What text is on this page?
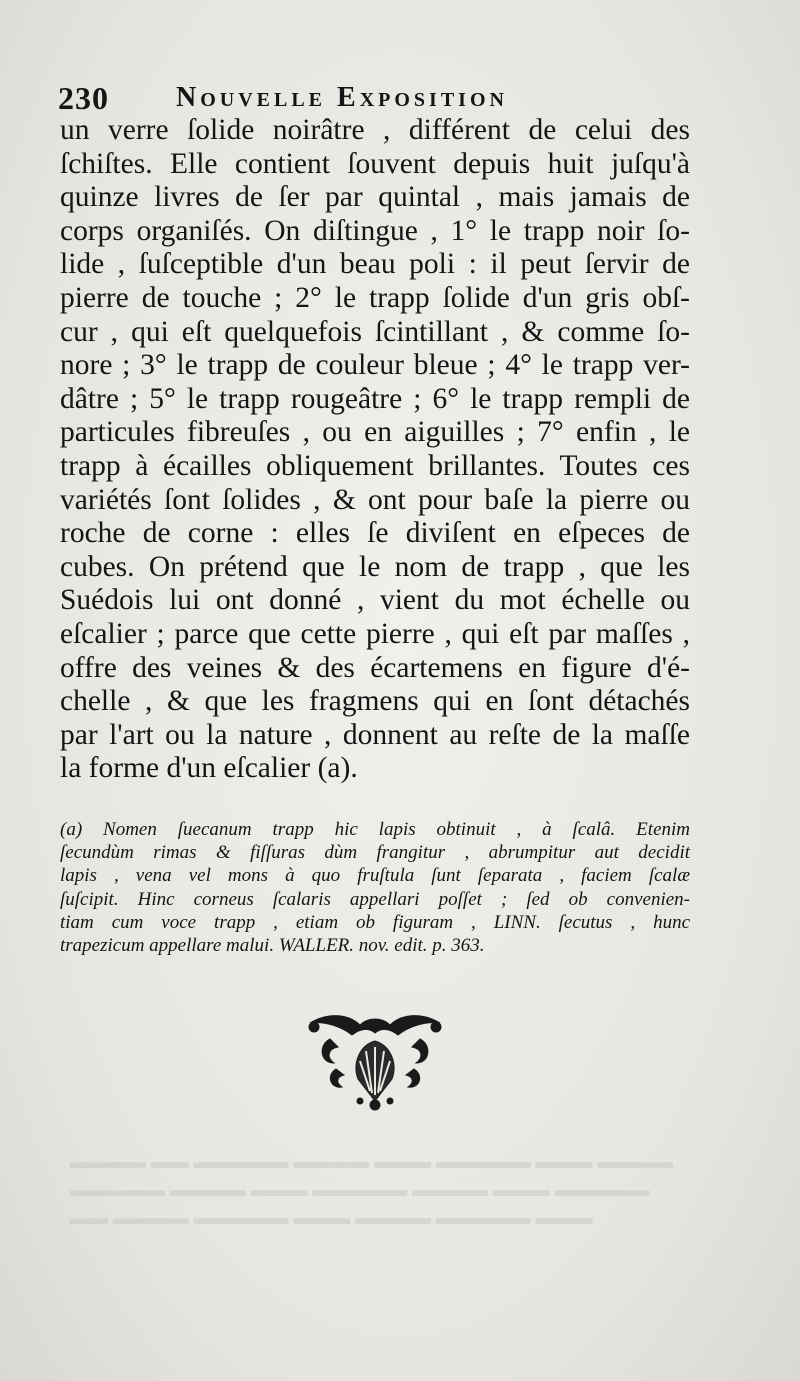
▬▬▬▬ ▬▬▬ ▬▬▬▬▬ ▬▬▬ ▬▬▬▬ ▬▬▬▬▬ ▬▬ ▬▬▬▬
▬▬▬▬▬ ▬▬▬ ▬▬▬▬ ▬▬▬▬▬ ▬▬▬ ▬▬▬▬ ▬▬▬▬▬
▬▬▬ ▬▬▬▬▬ ▬▬▬▬ ▬▬▬ ▬▬▬▬▬ ▬▬▬▬ ▬▬
230 Nouvelle Exposition
un verre ſolide noirâtre , différent de celui des
ſchiſtes. Elle contient ſouvent depuis huit juſqu'à
quinze livres de ſer par quintal , mais jamais de
corps organiſés. On diſtingue , 1° le trapp noir ſo-
lide , ſuſceptible d'un beau poli : il peut ſervir de
pierre de touche ; 2° le trapp ſolide d'un gris obſ-
cur , qui eſt quelquefois ſcintillant , & comme ſo-
nore ; 3° le trapp de couleur bleue ; 4° le trapp ver-
dâtre ; 5° le trapp rougeâtre ; 6° le trapp rempli de
particules fibreuſes , ou en aiguilles ; 7° enfin , le
trapp à écailles obliquement brillantes. Toutes ces
variétés ſont ſolides , & ont pour baſe la pierre ou
roche de corne : elles ſe diviſent en eſpeces de
cubes. On prétend que le nom de trapp , que les
Suédois lui ont donné , vient du mot échelle ou
eſcalier ; parce que cette pierre , qui eſt par maſſes ,
offre des veines & des écartemens en figure d'é-
chelle , & que les fragmens qui en ſont détachés
par l'art ou la nature , donnent au reſte de la maſſe
la forme d'un eſcalier (a).
(a) Nomen ſuecanum trapp hic lapis obtinuit , à ſcalâ. Etenim
ſecundùm rimas & fiſſuras dùm frangitur , abrumpitur aut decidit
lapis , vena vel mons à quo fruſtula ſunt ſeparata , faciem ſcalæ
ſuſcipit. Hinc corneus ſcalaris appellari poſſet ; ſed ob convenien-
tiam cum voce trapp , etiam ob figuram , LINN. ſecutus , hunc
trapezicum appellare malui. WALLER. nov. edit. p. 363.
